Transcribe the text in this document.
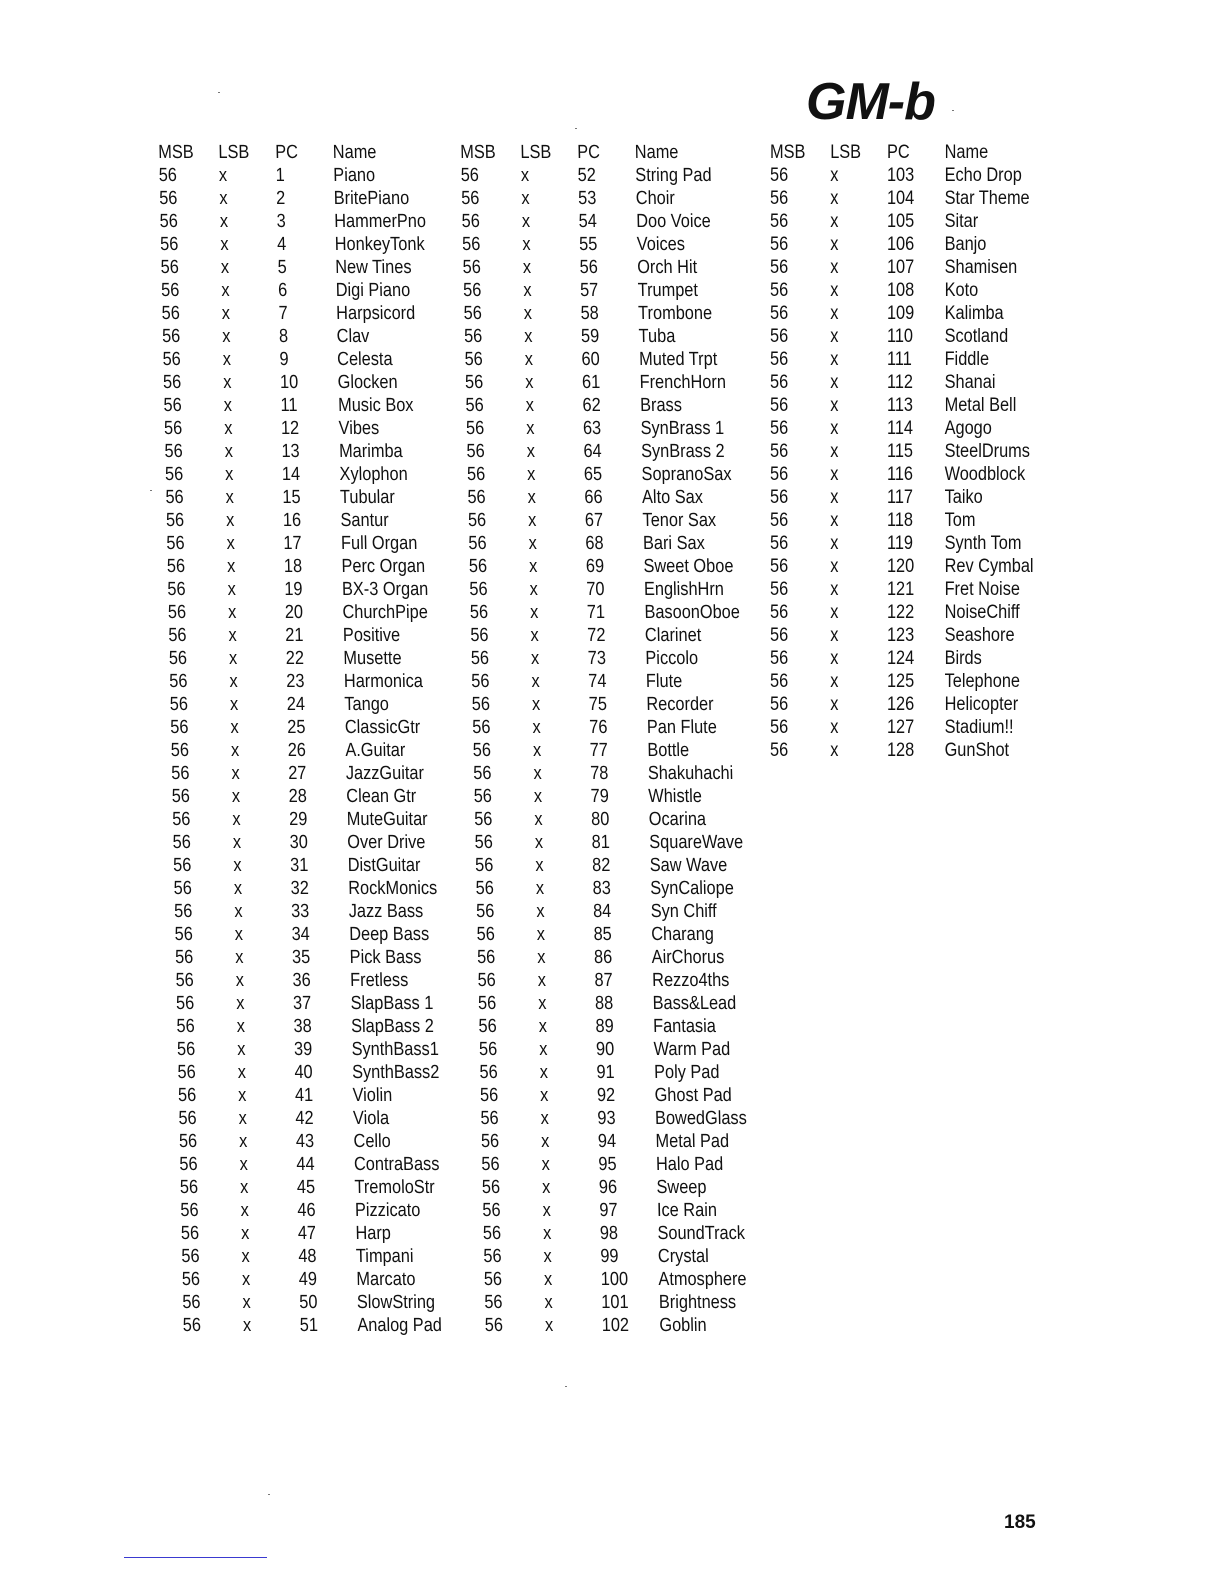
GM-b
MSB	LSB	PC	Name
56	x	1	Piano
56	x	2	BritePiano
56	x	3	HammerPno
56	x	4	HonkeyTonk
56	x	5	New Tines
56	x	6	Digi Piano
56	x	7	Harpsicord
56	x	8	Clav
56	x	9	Celesta
56	x	10	Glocken
56	x	11	Music Box
56	x	12	Vibes
56	x	13	Marimba
56	x	14	Xylophon
56	x	15	Tubular
56	x	16	Santur
56	x	17	Full Organ
56	x	18	Perc Organ
56	x	19	BX-3 Organ
56	x	20	ChurchPipe
56	x	21	Positive
56	x	22	Musette
56	x	23	Harmonica
56	x	24	Tango
56	x	25	ClassicGtr
56	x	26	A.Guitar
56	x	27	JazzGuitar
56	x	28	Clean Gtr
56	x	29	MuteGuitar
56	x	30	Over Drive
56	x	31	DistGuitar
56	x	32	RockMonics
56	x	33	Jazz Bass
56	x	34	Deep Bass
56	x	35	Pick Bass
56	x	36	Fretless
56	x	37	SlapBass 1
56	x	38	SlapBass 2
56	x	39	SynthBass1
56	x	40	SynthBass2
56	x	41	Violin
56	x	42	Viola
56	x	43	Cello
56	x	44	ContraBass
56	x	45	TremoloStr
56	x	46	Pizzicato
56	x	47	Harp
56	x	48	Timpani
56	x	49	Marcato
56	x	50	SlowString
56	x	51	Analog Pad
MSB	LSB	PC	Name
56	x	52	String Pad
56	x	53	Choir
56	x	54	Doo Voice
56	x	55	Voices
56	x	56	Orch Hit
56	x	57	Trumpet
56	x	58	Trombone
56	x	59	Tuba
56	x	60	Muted Trpt
56	x	61	FrenchHorn
56	x	62	Brass
56	x	63	SynBrass 1
56	x	64	SynBrass 2
56	x	65	SopranoSax
56	x	66	Alto Sax
56	x	67	Tenor Sax
56	x	68	Bari Sax
56	x	69	Sweet Oboe
56	x	70	EnglishHrn
56	x	71	BasoonOboe
56	x	72	Clarinet
56	x	73	Piccolo
56	x	74	Flute
56	x	75	Recorder
56	x	76	Pan Flute
56	x	77	Bottle
56	x	78	Shakuhachi
56	x	79	Whistle
56	x	80	Ocarina
56	x	81	SquareWave
56	x	82	Saw Wave
56	x	83	SynCaliope
56	x	84	Syn Chiff
56	x	85	Charang
56	x	86	AirChorus
56	x	87	Rezzo4ths
56	x	88	Bass&Lead
56	x	89	Fantasia
56	x	90	Warm Pad
56	x	91	Poly Pad
56	x	92	Ghost Pad
56	x	93	BowedGlass
56	x	94	Metal Pad
56	x	95	Halo Pad
56	x	96	Sweep
56	x	97	Ice Rain
56	x	98	SoundTrack
56	x	99	Crystal
56	x	100	Atmosphere
56	x	101	Brightness
56	x	102	Goblin
MSB	LSB	PC	Name
56	x	103	Echo Drop
56	x	104	Star Theme
56	x	105	Sitar
56	x	106	Banjo
56	x	107	Shamisen
56	x	108	Koto
56	x	109	Kalimba
56	x	110	Scotland
56	x	111	Fiddle
56	x	112	Shanai
56	x	113	Metal Bell
56	x	114	Agogo
56	x	115	SteelDrums
56	x	116	Woodblock
56	x	117	Taiko
56	x	118	Tom
56	x	119	Synth Tom
56	x	120	Rev Cymbal
56	x	121	Fret Noise
56	x	122	NoiseChiff
56	x	123	Seashore
56	x	124	Birds
56	x	125	Telephone
56	x	126	Helicopter
56	x	127	Stadium!!
56	x	128	GunShot
185
